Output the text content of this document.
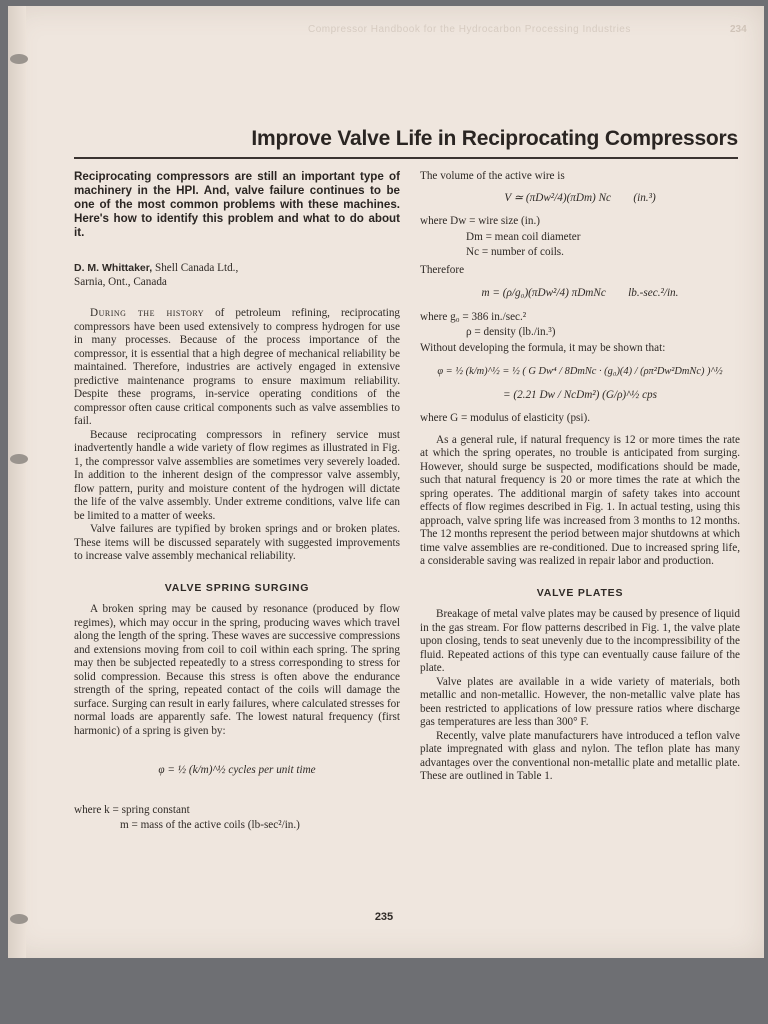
Compressor Handbook for the Hydrocarbon Processing Industries	234
Improve Valve Life in Reciprocating Compressors

Reciprocating compressors are still an important type of machinery in the HPI. And, valve failure continues to be one of the most common problems with these machines. Here's how to identify this problem and what to do about it.

D. M. Whittaker, Shell Canada Ltd.,
Sarnia, Ont., Canada

During the history of petroleum refining, reciprocating compressors have been used extensively to compress hydrogen for use in many processes. Because of the process importance of the compressor, it is essential that a high degree of mechanical reliability be maintained. Therefore, industries are actively engaged in extensive predictive maintenance programs to ensure maximum reliability. Despite these programs, in-service operating conditions of the compressor often cause critical components such as valve assemblies to fail.

Because reciprocating compressors in refinery service must inadvertently handle a wide variety of flow regimes as illustrated in Fig. 1, the compressor valve assemblies are sometimes very severely loaded. In addition to the inherent design of the compressor valve assembly, flow pattern, purity and moisture content of the hydrogen will dictate the life of the valve assembly. Under extreme conditions, valve life can be limited to a matter of weeks.

Valve failures are typified by broken springs and or broken plates. These items will be discussed separately with suggested improvements to increase valve assembly mechanical reliability.

VALVE SPRING SURGING

A broken spring may be caused by resonance (produced by flow regimes), which may occur in the spring, producing waves which travel along the length of the spring. These waves are successive compressions and extensions moving from coil to coil within each spring. The spring may then be subjected repeatedly to a stress corresponding to stress for solid compression. Because this stress is often above the endurance strength of the spring, repeated contact of the coils will damage the surface. Surging can result in early failures, where calculated stresses for normal loads are apparently safe. The lowest natural frequency (first harmonic) of a spring is given by:

φ = ½ (k/m)^½ cycles per unit time
where k = spring constant
m = mass of the active coils (lb-sec²/in.)

The volume of the active wire is

V ≃ (πDw²/4)(πDm) Nc        (in.³)
where Dw = wire size (in.)
Dm = mean coil diameter
Nc = number of coils.

Therefore

m = (ρ/g₀)(πDw²/4) πDmNc        lb.-sec.²/in.
where g₀ = 386 in./sec.²
ρ = density (lb./in.³)

Without developing the formula, it may be shown that:

φ = ½ (k/m)^½ = ½ ( G Dw⁴ / 8DmNc · (g₀)(4) / (ρπ²Dw²DmNc) )^½
= (2.21 Dw / NcDm²) (G/ρ)^½ cps
where G = modulus of elasticity (psi).

As a general rule, if natural frequency is 12 or more times the rate at which the spring operates, no trouble is anticipated from surging. However, should surge be suspected, modifications should be made, such that natural frequency is 20 or more times the rate at which the spring operates. The additional margin of safety takes into account effects of flow regimes described in Fig. 1. In actual testing, using this approach, valve spring life was increased from 3 months to 12 months. The 12 months represent the period between major shutdowns at which time valve assemblies are re-conditioned. Due to increased spring life, a considerable saving was realized in repair labor and production.

VALVE PLATES

Breakage of metal valve plates may be caused by presence of liquid in the gas stream. For flow patterns described in Fig. 1, the valve plate upon closing, tends to seat unevenly due to the incompressibility of the fluid. Repeated actions of this type can eventually cause failure of the plate.

Valve plates are available in a wide variety of materials, both metallic and non-metallic. However, the non-metallic valve plate has been restricted to applications of low pressure ratios where discharge gas temperatures are less than 300° F.

Recently, valve plate manufacturers have introduced a teflon valve plate impregnated with glass and nylon. The teflon plate has many advantages over the conventional non-metallic plate and metallic plate. These are outlined in Table 1.

235
